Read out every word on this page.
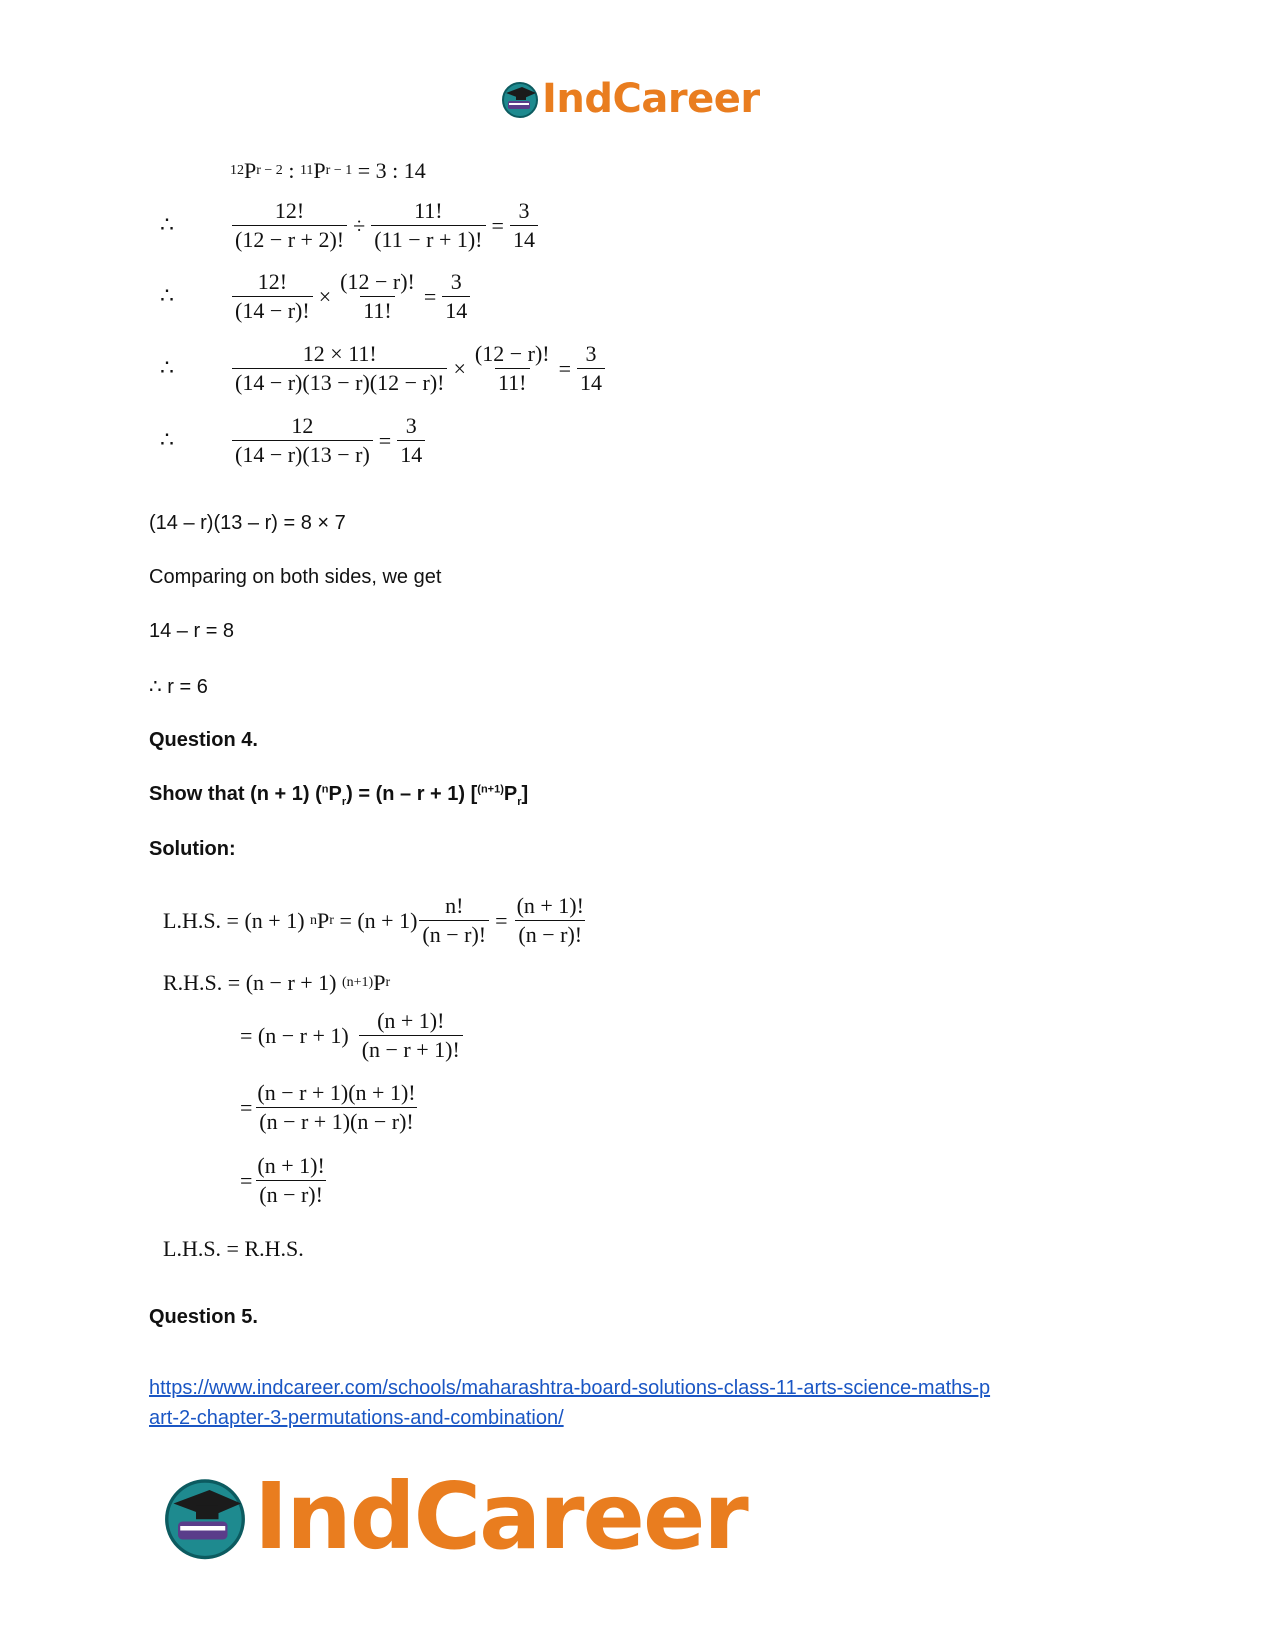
IndCareer
12 P r − 2 : 11 P r − 1 = 3 : 14
∴	$\frac{12!}{(12 - r + 2)!} \div \frac{11!}{(11 - r + 1)!} = \frac{3}{14}$
∴	$\frac{12!}{(14 - r)!} \times \frac{(12 - r)!}{11!} = \frac{3}{14}$
∴	$\frac{12 \times 11!}{(14 - r)(13 - r)(12 - r)!} \times \frac{(12 - r)!}{11!} = \frac{3}{14}$
∴	$\frac{12}{(14 - r)(13 - r)} = \frac{3}{14}$
(14 – r)(13 – r) = 8 × 7
Comparing on both sides, we get
14 – r = 8
∴ r = 6
Question 4.
Show that (n + 1) $(^nP_r) = (n - r + 1)$ $[^{(n+1)}P_r]$
Solution:
L.H.S. = (n + 1) n P $r = (n + 1) \frac{n!}{(n - r)!} = \frac{(n + 1)!}{(n - r)!}$
R.H.S. = (n − r + 1) (n+1) P r
= $(n - r + 1) \frac{(n + 1)!}{(n - r + 1)!}$
= $\frac{(n - r + 1)(n + 1)!}{(n - r + 1)(n - r)!}$
= $\frac{(n + 1)!}{(n - r)!}$
L.H.S. = R.H.S.
Question 5.
https://www.indcareer.com/schools/maharashtra-board-solutions-class-11-arts-science-maths-p
art-2-chapter-3-permutations-and-combination/
IndCareer
